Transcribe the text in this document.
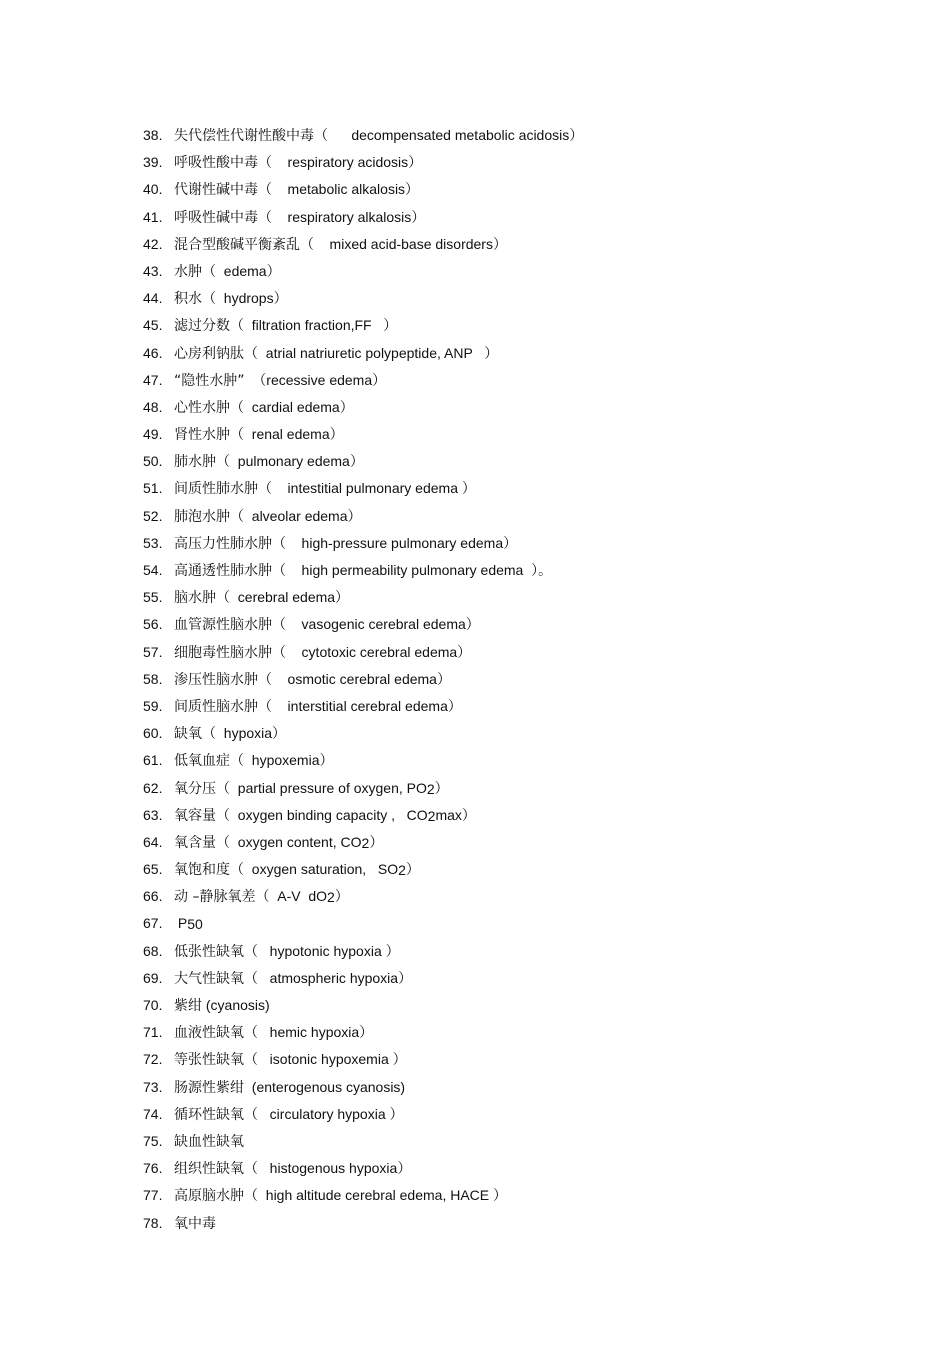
38. 失代偿性代谢性酸中毒（      decompensated metabolic acidosis）
39. 呼吸性酸中毒（    respiratory acidosis）
40. 代谢性碱中毒（    metabolic alkalosis）
41. 呼吸性碱中毒（    respiratory alkalosis）
42. 混合型酸碱平衡紊乱（    mixed acid-base disorders）
43. 水肿（  edema）
44. 积水（  hydrops）
45. 滤过分数（  filtration fraction,FF   ）
46. 心房利钠肽（  atrial natriuretic polypeptide, ANP   ）
47. “隐性水肿”  （recessive edema）
48. 心性水肿（  cardial edema）
49. 肾性水肿（  renal edema）
50. 肺水肿（  pulmonary edema）
51. 间质性肺水肿（    intestitial pulmonary edema ）
52. 肺泡水肿（  alveolar edema）
53. 高压力性肺水肿（    high-pressure pulmonary edema）
54. 高通透性肺水肿（    high permeability pulmonary edema  ）。
55. 脑水肿（  cerebral edema）
56. 血管源性脑水肿（    vasogenic cerebral edema）
57. 细胞毒性脑水肿（    cytotoxic cerebral edema）
58. 渗压性脑水肿（    osmotic cerebral edema）
59. 间质性脑水肿（    interstitial cerebral edema）
60. 缺氧（  hypoxia）
61. 低氧血症（  hypoxemia）
62. 氧分压（  partial pressure of oxygen, $PO_2$）
63. 氧容量（  oxygen binding capacity ,   $CO_2\max$）
64. 氧含量（  oxygen content, $CO_2$）
65. 氧饱和度（  oxygen saturation,   $SO_2$）
66. 动 –静脉氧差（  A-V  $dO_2$）
67. $P_{50}$
68. 低张性缺氧（   hypotonic hypoxia ）
69. 大气性缺氧（   atmospheric hypoxia）
70. 紫绀 (cyanosis)
71. 血液性缺氧（   hemic hypoxia）
72. 等张性缺氧（   isotonic hypoxemia ）
73. 肠源性紫绀  (enterogenous cyanosis)
74. 循环性缺氧（   circulatory hypoxia ）
75. 缺血性缺氧
76. 组织性缺氧（   histogenous hypoxia）
77. 高原脑水肿（  high altitude cerebral edema, HACE ）
78. 氧中毒
